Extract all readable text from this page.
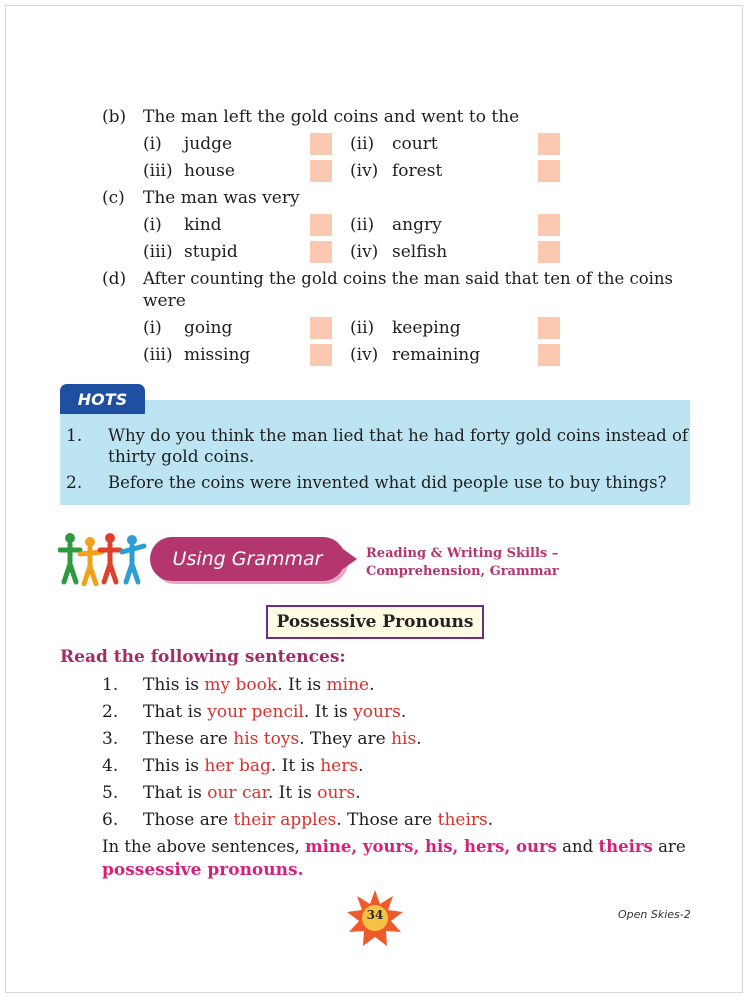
(b) The man left the gold coins and went to the
(i) judge	(ii) court
(iii) house	(iv) forest
(c)	The man was very
(i) kind	(ii) angry
(iii) stupid	(iv) selfish
(d)	After counting the gold coins the man said that ten of the coins
were
(i) going	(ii) keeping
(iii) missing	(iv) remaining
HOTS
1. Why do you think the man lied that he had forty gold coins instead of
thirty gold coins.
2. Before the coins were invented what did people use to buy things?
Using Grammar	Reading & Writing Skills –
Comprehension, Grammar
Possessive Pronouns
Read the following sentences:
1. This is my book. It is mine.
2. That is your pencil. It is yours.
3. These are his toys. They are his.
4. This is her bag. It is hers.
5. That is our car. It is ours.
6. Those are their apples. Those are theirs.
In the above sentences, mine, yours, his, hers, ours and theirs are
possessive pronouns.
34	Open Skies-2
